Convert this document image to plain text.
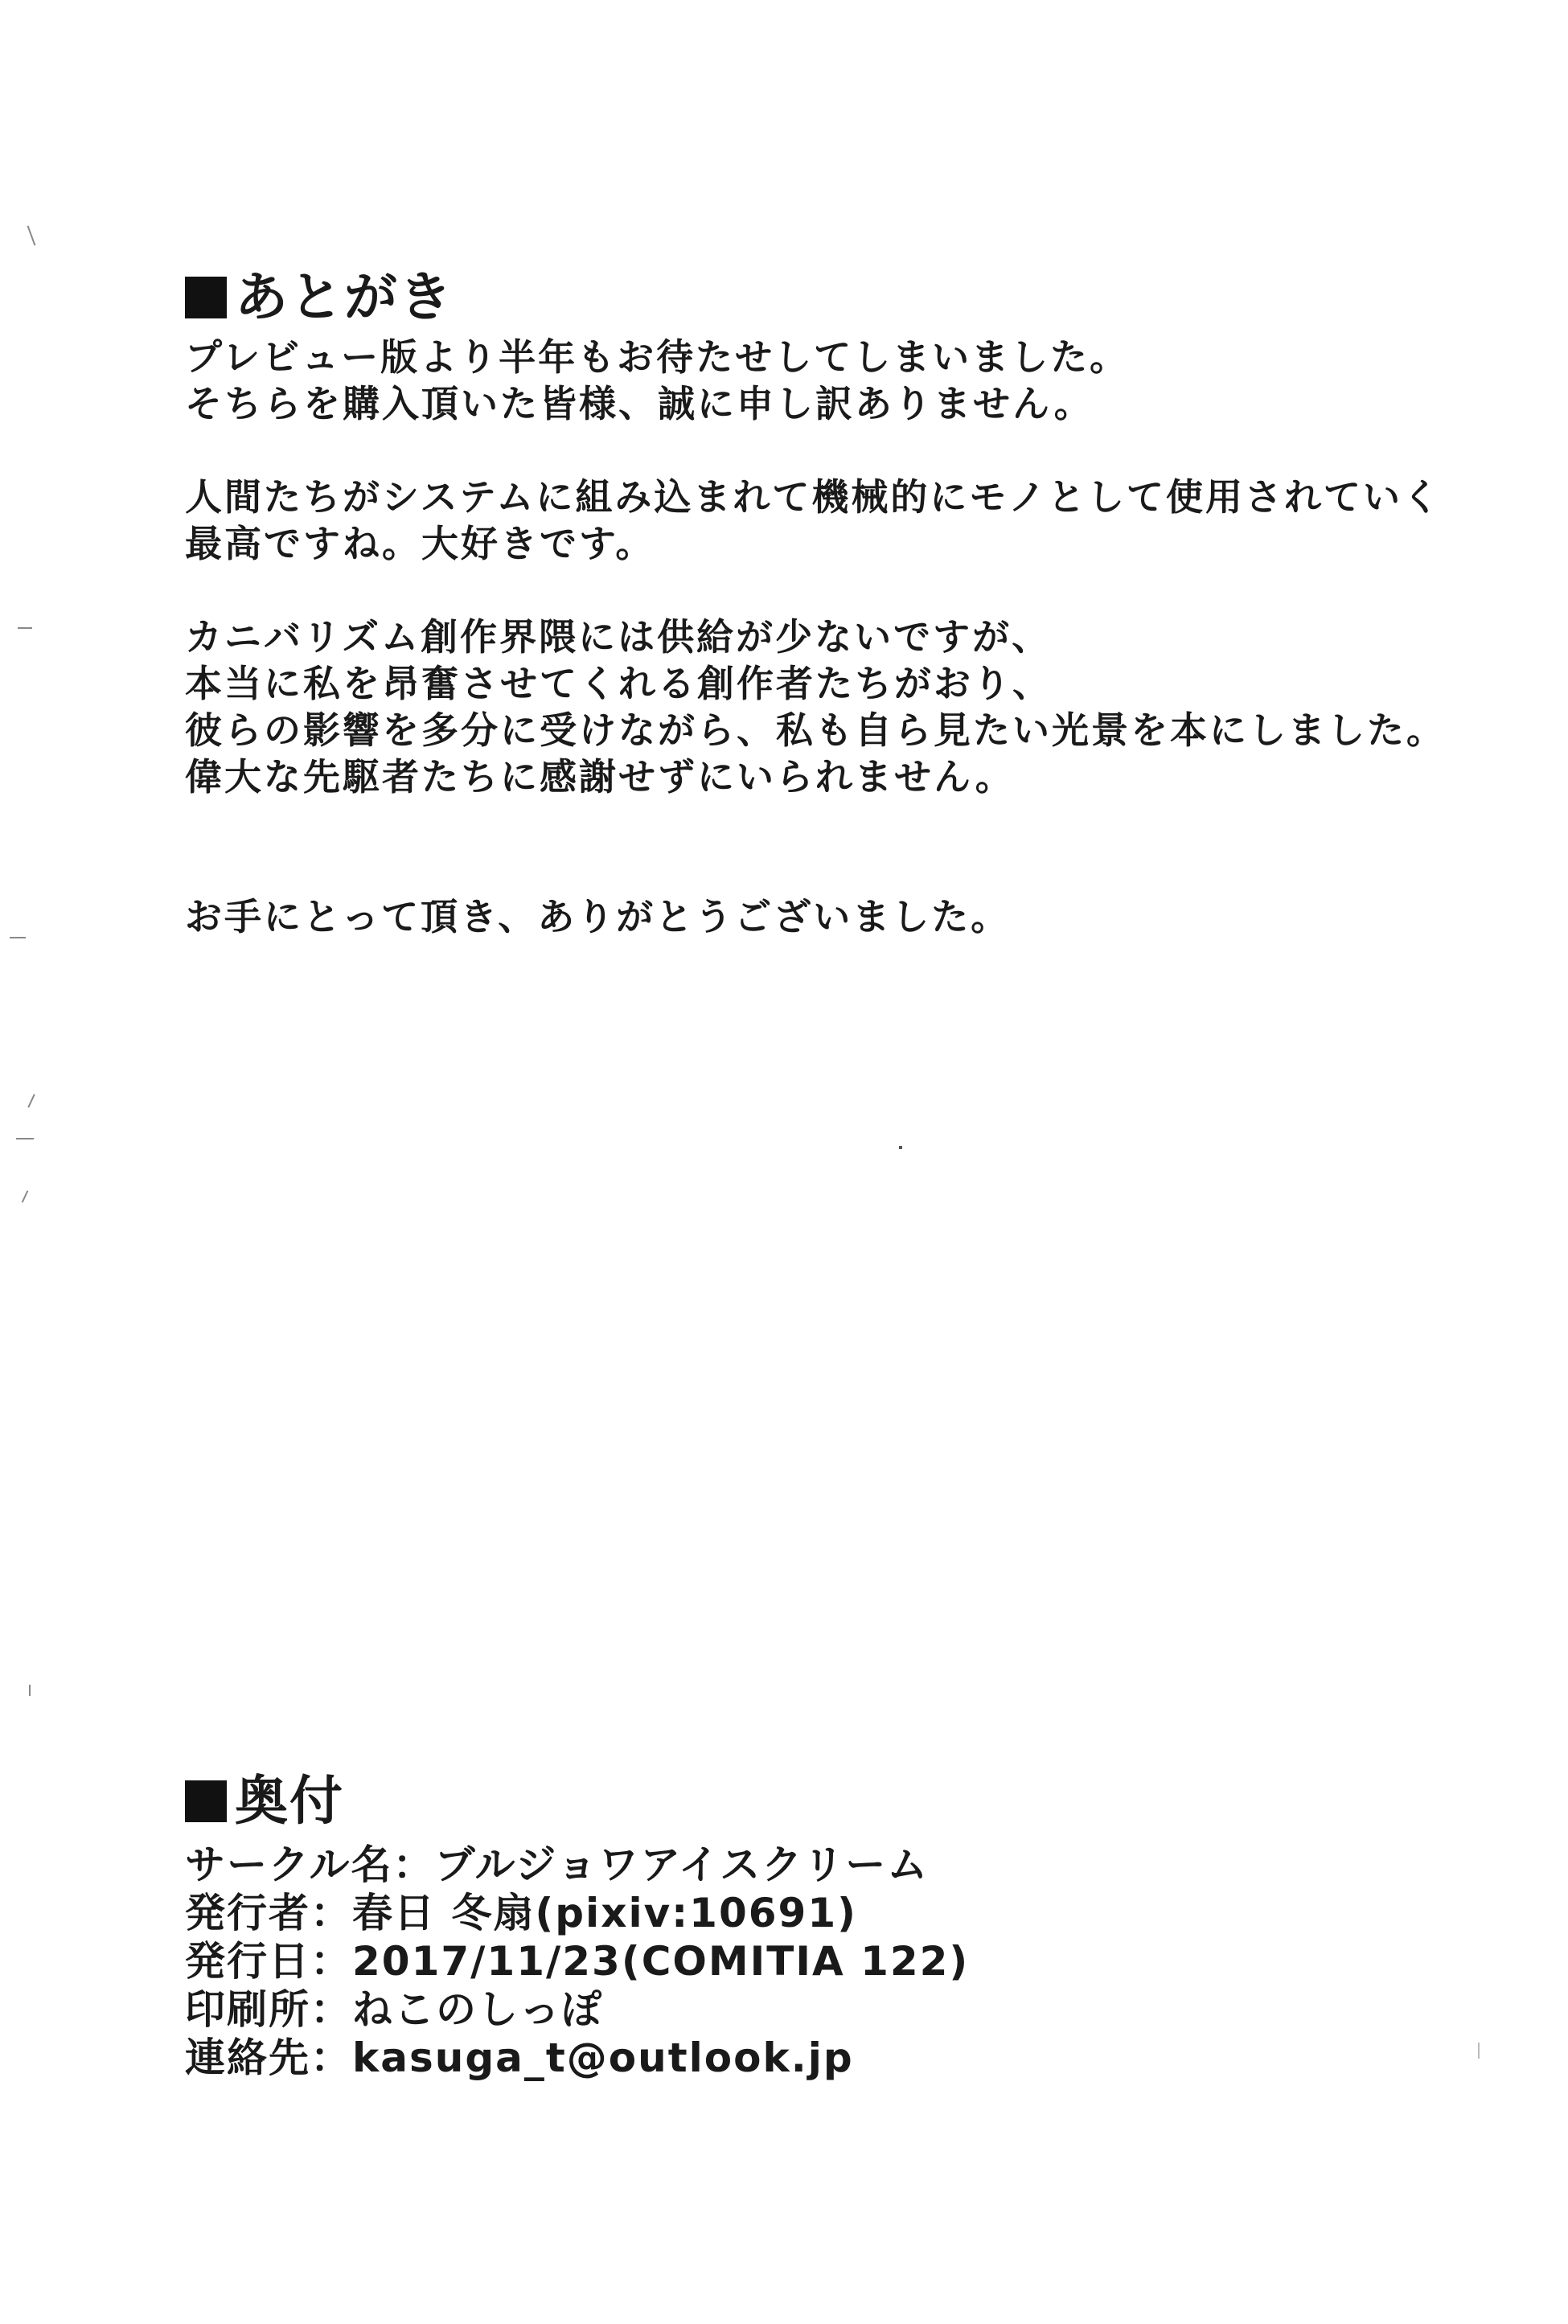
あとがき
プレビュー版より半年もお待たせしてしまいました。
そちらを購入頂いた皆様、誠に申し訳ありません。
人間たちがシステムに組み込まれて機械的にモノとして使用されていく
最高ですね。大好きです。
カニバリズム創作界隈には供給が少ないですが、
本当に私を昂奮させてくれる創作者たちがおり、
彼らの影響を多分に受けながら、私も自ら見たい光景を本にしました。
偉大な先駆者たちに感謝せずにいられません。
お手にとって頂き、ありがとうございました。
奥付
サークル名：ブルジョワアイスクリーム
発行者：春日 冬扇(pixiv:10691)
発行日：2017/11/23(COMITIA 122)
印刷所：ねこのしっぽ
連絡先：kasuga_t@outlook.jp
